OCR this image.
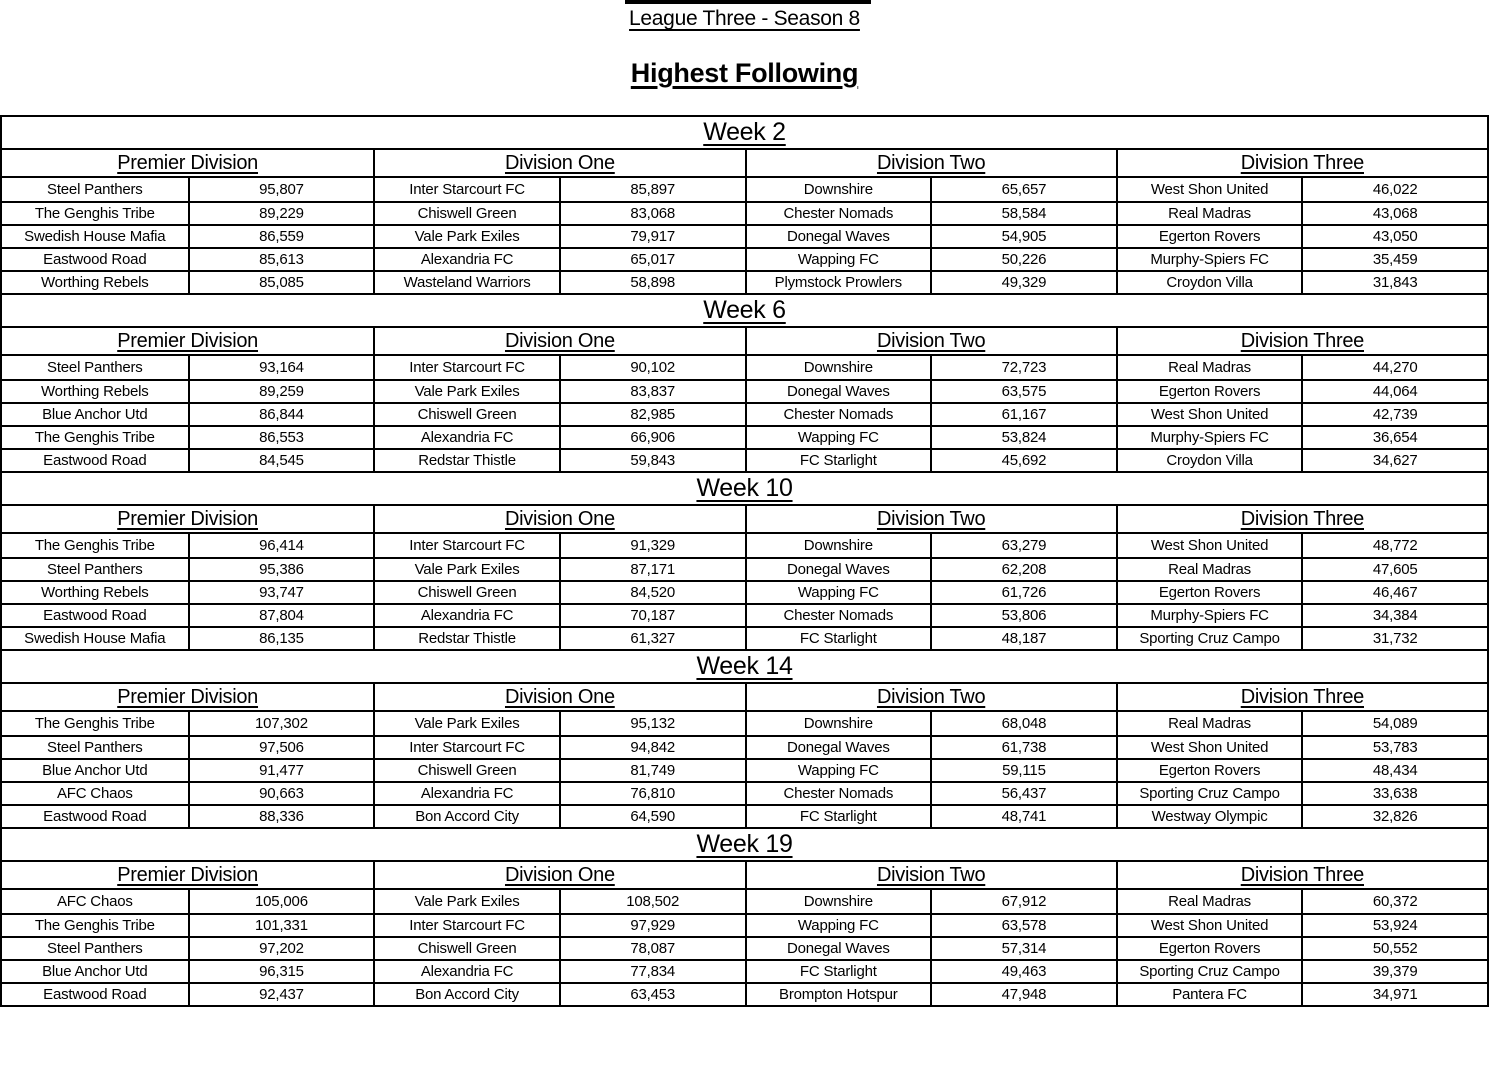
League Three - Season 8
Highest Following
Week 2
Premier Division	Division One	Division Two	Division Three
Steel Panthers	95,807	Inter Starcourt FC	85,897	Downshire	65,657	West Shon United	46,022
The Genghis Tribe	89,229	Chiswell Green	83,068	Chester Nomads	58,584	Real Madras	43,068
Swedish House Mafia	86,559	Vale Park Exiles	79,917	Donegal Waves	54,905	Egerton Rovers	43,050
Eastwood Road	85,613	Alexandria FC	65,017	Wapping FC	50,226	Murphy-Spiers FC	35,459
Worthing Rebels	85,085	Wasteland Warriors	58,898	Plymstock Prowlers	49,329	Croydon Villa	31,843
Week 6
Premier Division	Division One	Division Two	Division Three
Steel Panthers	93,164	Inter Starcourt FC	90,102	Downshire	72,723	Real Madras	44,270
Worthing Rebels	89,259	Vale Park Exiles	83,837	Donegal Waves	63,575	Egerton Rovers	44,064
Blue Anchor Utd	86,844	Chiswell Green	82,985	Chester Nomads	61,167	West Shon United	42,739
The Genghis Tribe	86,553	Alexandria FC	66,906	Wapping FC	53,824	Murphy-Spiers FC	36,654
Eastwood Road	84,545	Redstar Thistle	59,843	FC Starlight	45,692	Croydon Villa	34,627
Week 10
Premier Division	Division One	Division Two	Division Three
The Genghis Tribe	96,414	Inter Starcourt FC	91,329	Downshire	63,279	West Shon United	48,772
Steel Panthers	95,386	Vale Park Exiles	87,171	Donegal Waves	62,208	Real Madras	47,605
Worthing Rebels	93,747	Chiswell Green	84,520	Wapping FC	61,726	Egerton Rovers	46,467
Eastwood Road	87,804	Alexandria FC	70,187	Chester Nomads	53,806	Murphy-Spiers FC	34,384
Swedish House Mafia	86,135	Redstar Thistle	61,327	FC Starlight	48,187	Sporting Cruz Campo	31,732
Week 14
Premier Division	Division One	Division Two	Division Three
The Genghis Tribe	107,302	Vale Park Exiles	95,132	Downshire	68,048	Real Madras	54,089
Steel Panthers	97,506	Inter Starcourt FC	94,842	Donegal Waves	61,738	West Shon United	53,783
Blue Anchor Utd	91,477	Chiswell Green	81,749	Wapping FC	59,115	Egerton Rovers	48,434
AFC Chaos	90,663	Alexandria FC	76,810	Chester Nomads	56,437	Sporting Cruz Campo	33,638
Eastwood Road	88,336	Bon Accord City	64,590	FC Starlight	48,741	Westway Olympic	32,826
Week 19
Premier Division	Division One	Division Two	Division Three
AFC Chaos	105,006	Vale Park Exiles	108,502	Downshire	67,912	Real Madras	60,372
The Genghis Tribe	101,331	Inter Starcourt FC	97,929	Wapping FC	63,578	West Shon United	53,924
Steel Panthers	97,202	Chiswell Green	78,087	Donegal Waves	57,314	Egerton Rovers	50,552
Blue Anchor Utd	96,315	Alexandria FC	77,834	FC Starlight	49,463	Sporting Cruz Campo	39,379
Eastwood Road	92,437	Bon Accord City	63,453	Brompton Hotspur	47,948	Pantera FC	34,971
